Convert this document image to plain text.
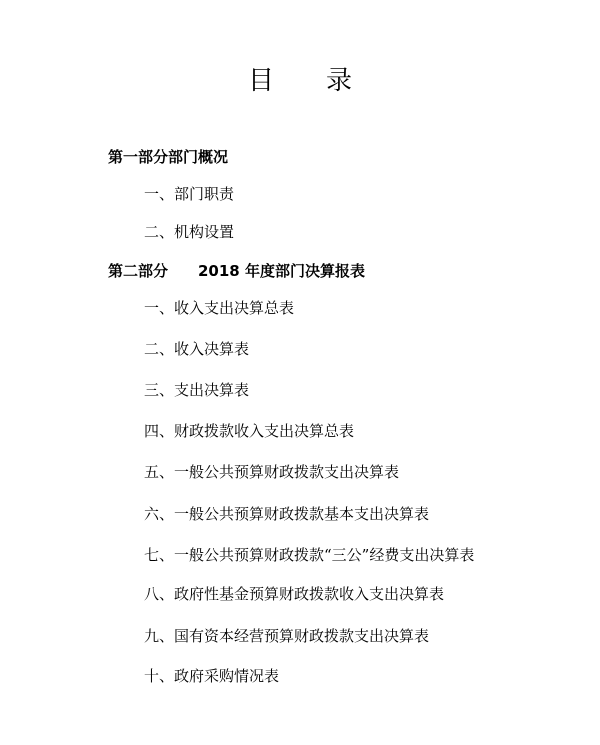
目 录
第一部分部门概况
一、部门职责
二、机构设置
第二部分 2018 年度部门决算报表
一、收入支出决算总表
二、收入决算表
三、支出决算表
四、财政拨款收入支出决算总表
五、一般公共预算财政拨款支出决算表
六、一般公共预算财政拨款基本支出决算表
七、一般公共预算财政拨款“三公”经费支出决算表
八、政府性基金预算财政拨款收入支出决算表
九、国有资本经营预算财政拨款支出决算表
十、政府采购情况表
